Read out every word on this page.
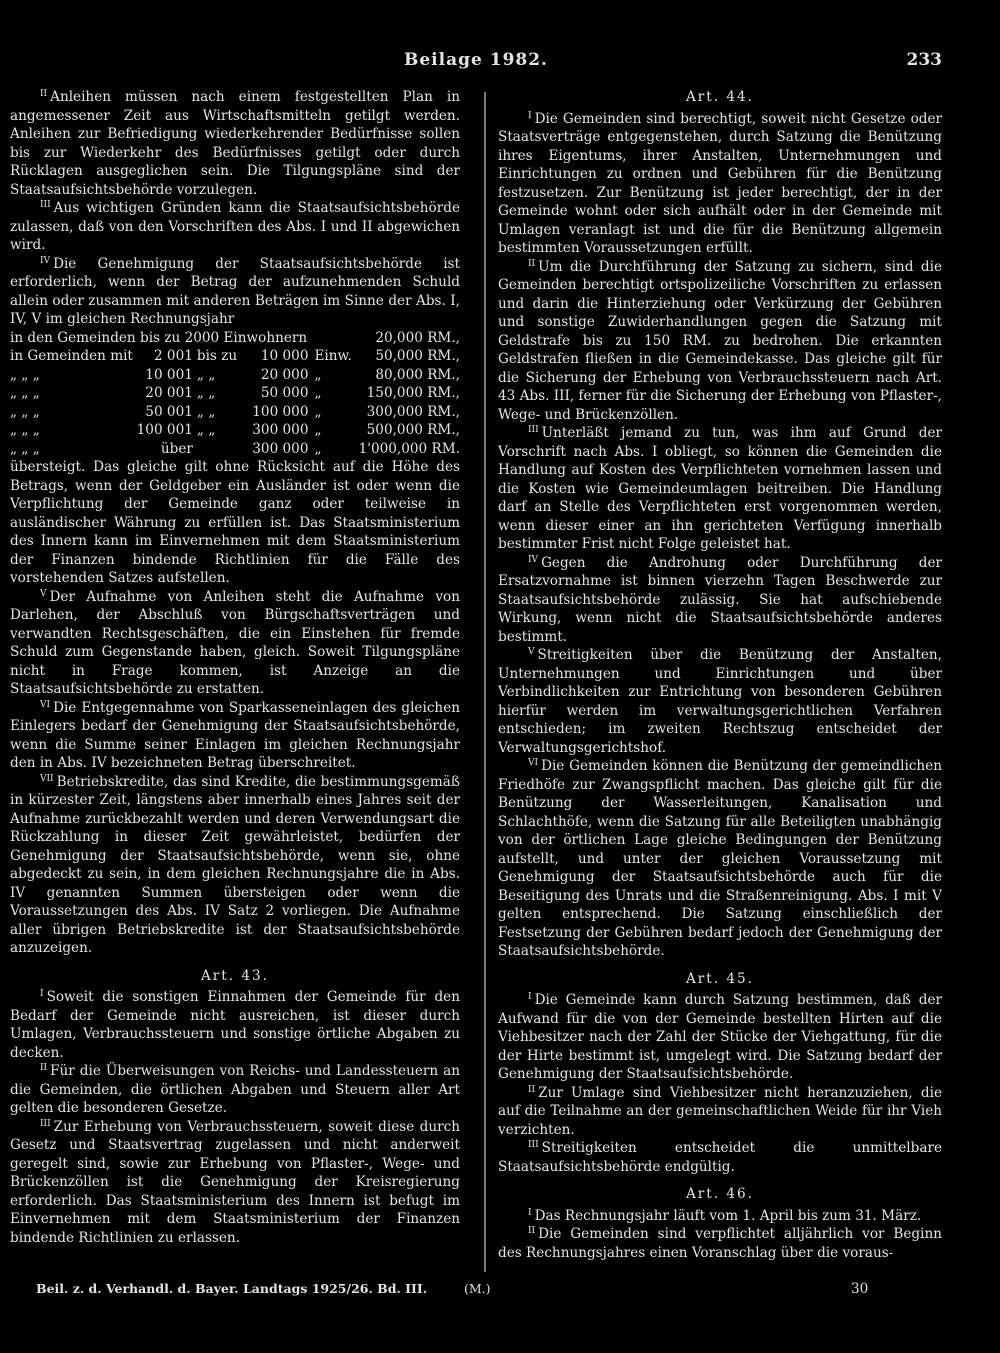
Beilage 1982.	233

$^{II}$ Anleihen müssen nach einem festgestellten Plan in angemessener Zeit aus Wirtschaftsmitteln getilgt werden. Anleihen zur Befriedigung wiederkehrender Bedürfnisse sollen bis zur Wiederkehr des Bedürfnisses getilgt oder durch Rücklagen ausgeglichen sein. Die Tilgungspläne sind der Staatsaufsichtsbehörde vorzulegen.

$^{III}$ Aus wichtigen Gründen kann die Staatsaufsichtsbehörde zulassen, daß von den Vorschriften des Abs. I und II abgewichen wird.

$^{IV}$ Die Genehmigung der Staatsaufsichtsbehörde ist erforderlich, wenn der Betrag der aufzunehmenden Schuld allein oder zusammen mit anderen Beträgen im Sinne der Abs. I, IV, V im gleichen Rechnungsjahr

in den Gemeinden bis zu 2000 Einwohnern	20,000 RM.,
in Gemeinden mit	2 001	bis zu	10 000	Einw.	50,000 RM.,
„ „ „	10 001	„ „	20 000	„	80,000 RM.,
„ „ „	20 001	„ „	50 000	„	150,000 RM.,
„ „ „	50 001	„ „	100 000	„	300,000 RM.,
„ „ „	100 001	„ „	300 000	„	500,000 RM.,
„ „ „	über		300 000	„	1'000,000 RM.

übersteigt. Das gleiche gilt ohne Rücksicht auf die Höhe des Betrags, wenn der Geldgeber ein Ausländer ist oder wenn die Verpflichtung der Gemeinde ganz oder teilweise in ausländischer Währung zu erfüllen ist. Das Staatsministerium des Innern kann im Einvernehmen mit dem Staatsministerium der Finanzen bindende Richtlinien für die Fälle des vorstehenden Satzes aufstellen.

$^V$ Der Aufnahme von Anleihen steht die Aufnahme von Darlehen, der Abschluß von Bürgschaftsverträgen und verwandten Rechtsgeschäften, die ein Einstehen für fremde Schuld zum Gegenstande haben, gleich. Soweit Tilgungspläne nicht in Frage kommen, ist Anzeige an die Staatsaufsichtsbehörde zu erstatten.

$^{VI}$ Die Entgegennahme von Sparkasseneinlagen des gleichen Einlegers bedarf der Genehmigung der Staatsaufsichtsbehörde, wenn die Summe seiner Einlagen im gleichen Rechnungsjahr den in Abs. IV bezeichneten Betrag überschreitet.

$^{VII}$ Betriebskredite, das sind Kredite, die bestimmungsgemäß in kürzester Zeit, längstens aber innerhalb eines Jahres seit der Aufnahme zurückbezahlt werden und deren Verwendungsart die Rückzahlung in dieser Zeit gewährleistet, bedürfen der Genehmigung der Staatsaufsichtsbehörde, wenn sie, ohne abgedeckt zu sein, in dem gleichen Rechnungsjahre die in Abs. IV genannten Summen übersteigen oder wenn die Voraussetzungen des Abs. IV Satz 2 vorliegen. Die Aufnahme aller übrigen Betriebskredite ist der Staatsaufsichtsbehörde anzuzeigen.

Art. 43.

$^I$ Soweit die sonstigen Einnahmen der Gemeinde für den Bedarf der Gemeinde nicht ausreichen, ist dieser durch Umlagen, Verbrauchssteuern und sonstige örtliche Abgaben zu decken.

$^{II}$ Für die Überweisungen von Reichs- und Landessteuern an die Gemeinden, die örtlichen Abgaben und Steuern aller Art gelten die besonderen Gesetze.

$^{III}$ Zur Erhebung von Verbrauchssteuern, soweit diese durch Gesetz und Staatsvertrag zugelassen und nicht anderweit geregelt sind, sowie zur Erhebung von Pflaster-, Wege- und Brückenzöllen ist die Genehmigung der Kreisregierung erforderlich. Das Staatsministerium des Innern ist befugt im Einvernehmen mit dem Staatsministerium der Finanzen bindende Richtlinien zu erlassen.

Art. 44.

$^I$ Die Gemeinden sind berechtigt, soweit nicht Gesetze oder Staatsverträge entgegenstehen, durch Satzung die Benützung ihres Eigentums, ihrer Anstalten, Unternehmungen und Einrichtungen zu ordnen und Gebühren für die Benützung festzusetzen. Zur Benützung ist jeder berechtigt, der in der Gemeinde wohnt oder sich aufhält oder in der Gemeinde mit Umlagen veranlagt ist und die für die Benützung allgemein bestimmten Voraussetzungen erfüllt.

$^{II}$ Um die Durchführung der Satzung zu sichern, sind die Gemeinden berechtigt ortspolizeiliche Vorschriften zu erlassen und darin die Hinterziehung oder Verkürzung der Gebühren und sonstige Zuwiderhandlungen gegen die Satzung mit Geldstrafe bis zu 150 RM. zu bedrohen. Die erkannten Geldstrafen fließen in die Gemeindekasse. Das gleiche gilt für die Sicherung der Erhebung von Verbrauchssteuern nach Art. 43 Abs. III, ferner für die Sicherung der Erhebung von Pflaster-, Wege- und Brückenzöllen.

$^{III}$ Unterläßt jemand zu tun, was ihm auf Grund der Vorschrift nach Abs. I obliegt, so können die Gemeinden die Handlung auf Kosten des Verpflichteten vornehmen lassen und die Kosten wie Gemeindeumlagen beitreiben. Die Handlung darf an Stelle des Verpflichteten erst vorgenommen werden, wenn dieser einer an ihn gerichteten Verfügung innerhalb bestimmter Frist nicht Folge geleistet hat.

$^{IV}$ Gegen die Androhung oder Durchführung der Ersatzvornahme ist binnen vierzehn Tagen Beschwerde zur Staatsaufsichtsbehörde zulässig. Sie hat aufschiebende Wirkung, wenn nicht die Staatsaufsichtsbehörde anderes bestimmt.

$^V$ Streitigkeiten über die Benützung der Anstalten, Unternehmungen und Einrichtungen und über Verbindlichkeiten zur Entrichtung von besonderen Gebühren hierfür werden im verwaltungsgerichtlichen Verfahren entschieden; im zweiten Rechtszug entscheidet der Verwaltungsgerichtshof.

$^{VI}$ Die Gemeinden können die Benützung der gemeindlichen Friedhöfe zur Zwangspflicht machen. Das gleiche gilt für die Benützung der Wasserleitungen, Kanalisation und Schlachthöfe, wenn die Satzung für alle Beteiligten unabhängig von der örtlichen Lage gleiche Bedingungen der Benützung aufstellt, und unter der gleichen Voraussetzung mit Genehmigung der Staatsaufsichtsbehörde auch für die Beseitigung des Unrats und die Straßenreinigung. Abs. I mit V gelten entsprechend. Die Satzung einschließlich der Festsetzung der Gebühren bedarf jedoch der Genehmigung der Staatsaufsichtsbehörde.

Art. 45.

$^I$ Die Gemeinde kann durch Satzung bestimmen, daß der Aufwand für die von der Gemeinde bestellten Hirten auf die Viehbesitzer nach der Zahl der Stücke der Viehgattung, für die der Hirte bestimmt ist, umgelegt wird. Die Satzung bedarf der Genehmigung der Staatsaufsichtsbehörde.

$^{II}$ Zur Umlage sind Viehbesitzer nicht heranzuziehen, die auf die Teilnahme an der gemeinschaftlichen Weide für ihr Vieh verzichten.

$^{III}$ Streitigkeiten entscheidet die unmittelbare Staatsaufsichtsbehörde endgültig.

Art. 46.

$^I$ Das Rechnungsjahr läuft vom 1. April bis zum 31. März.

$^{II}$ Die Gemeinden sind verpflichtet alljährlich vor Beginn des Rechnungsjahres einen Voranschlag über die voraus-

Beil. z. d. Verhandl. d. Bayer. Landtags 1925/26. Bd. III.	(M.)	30
